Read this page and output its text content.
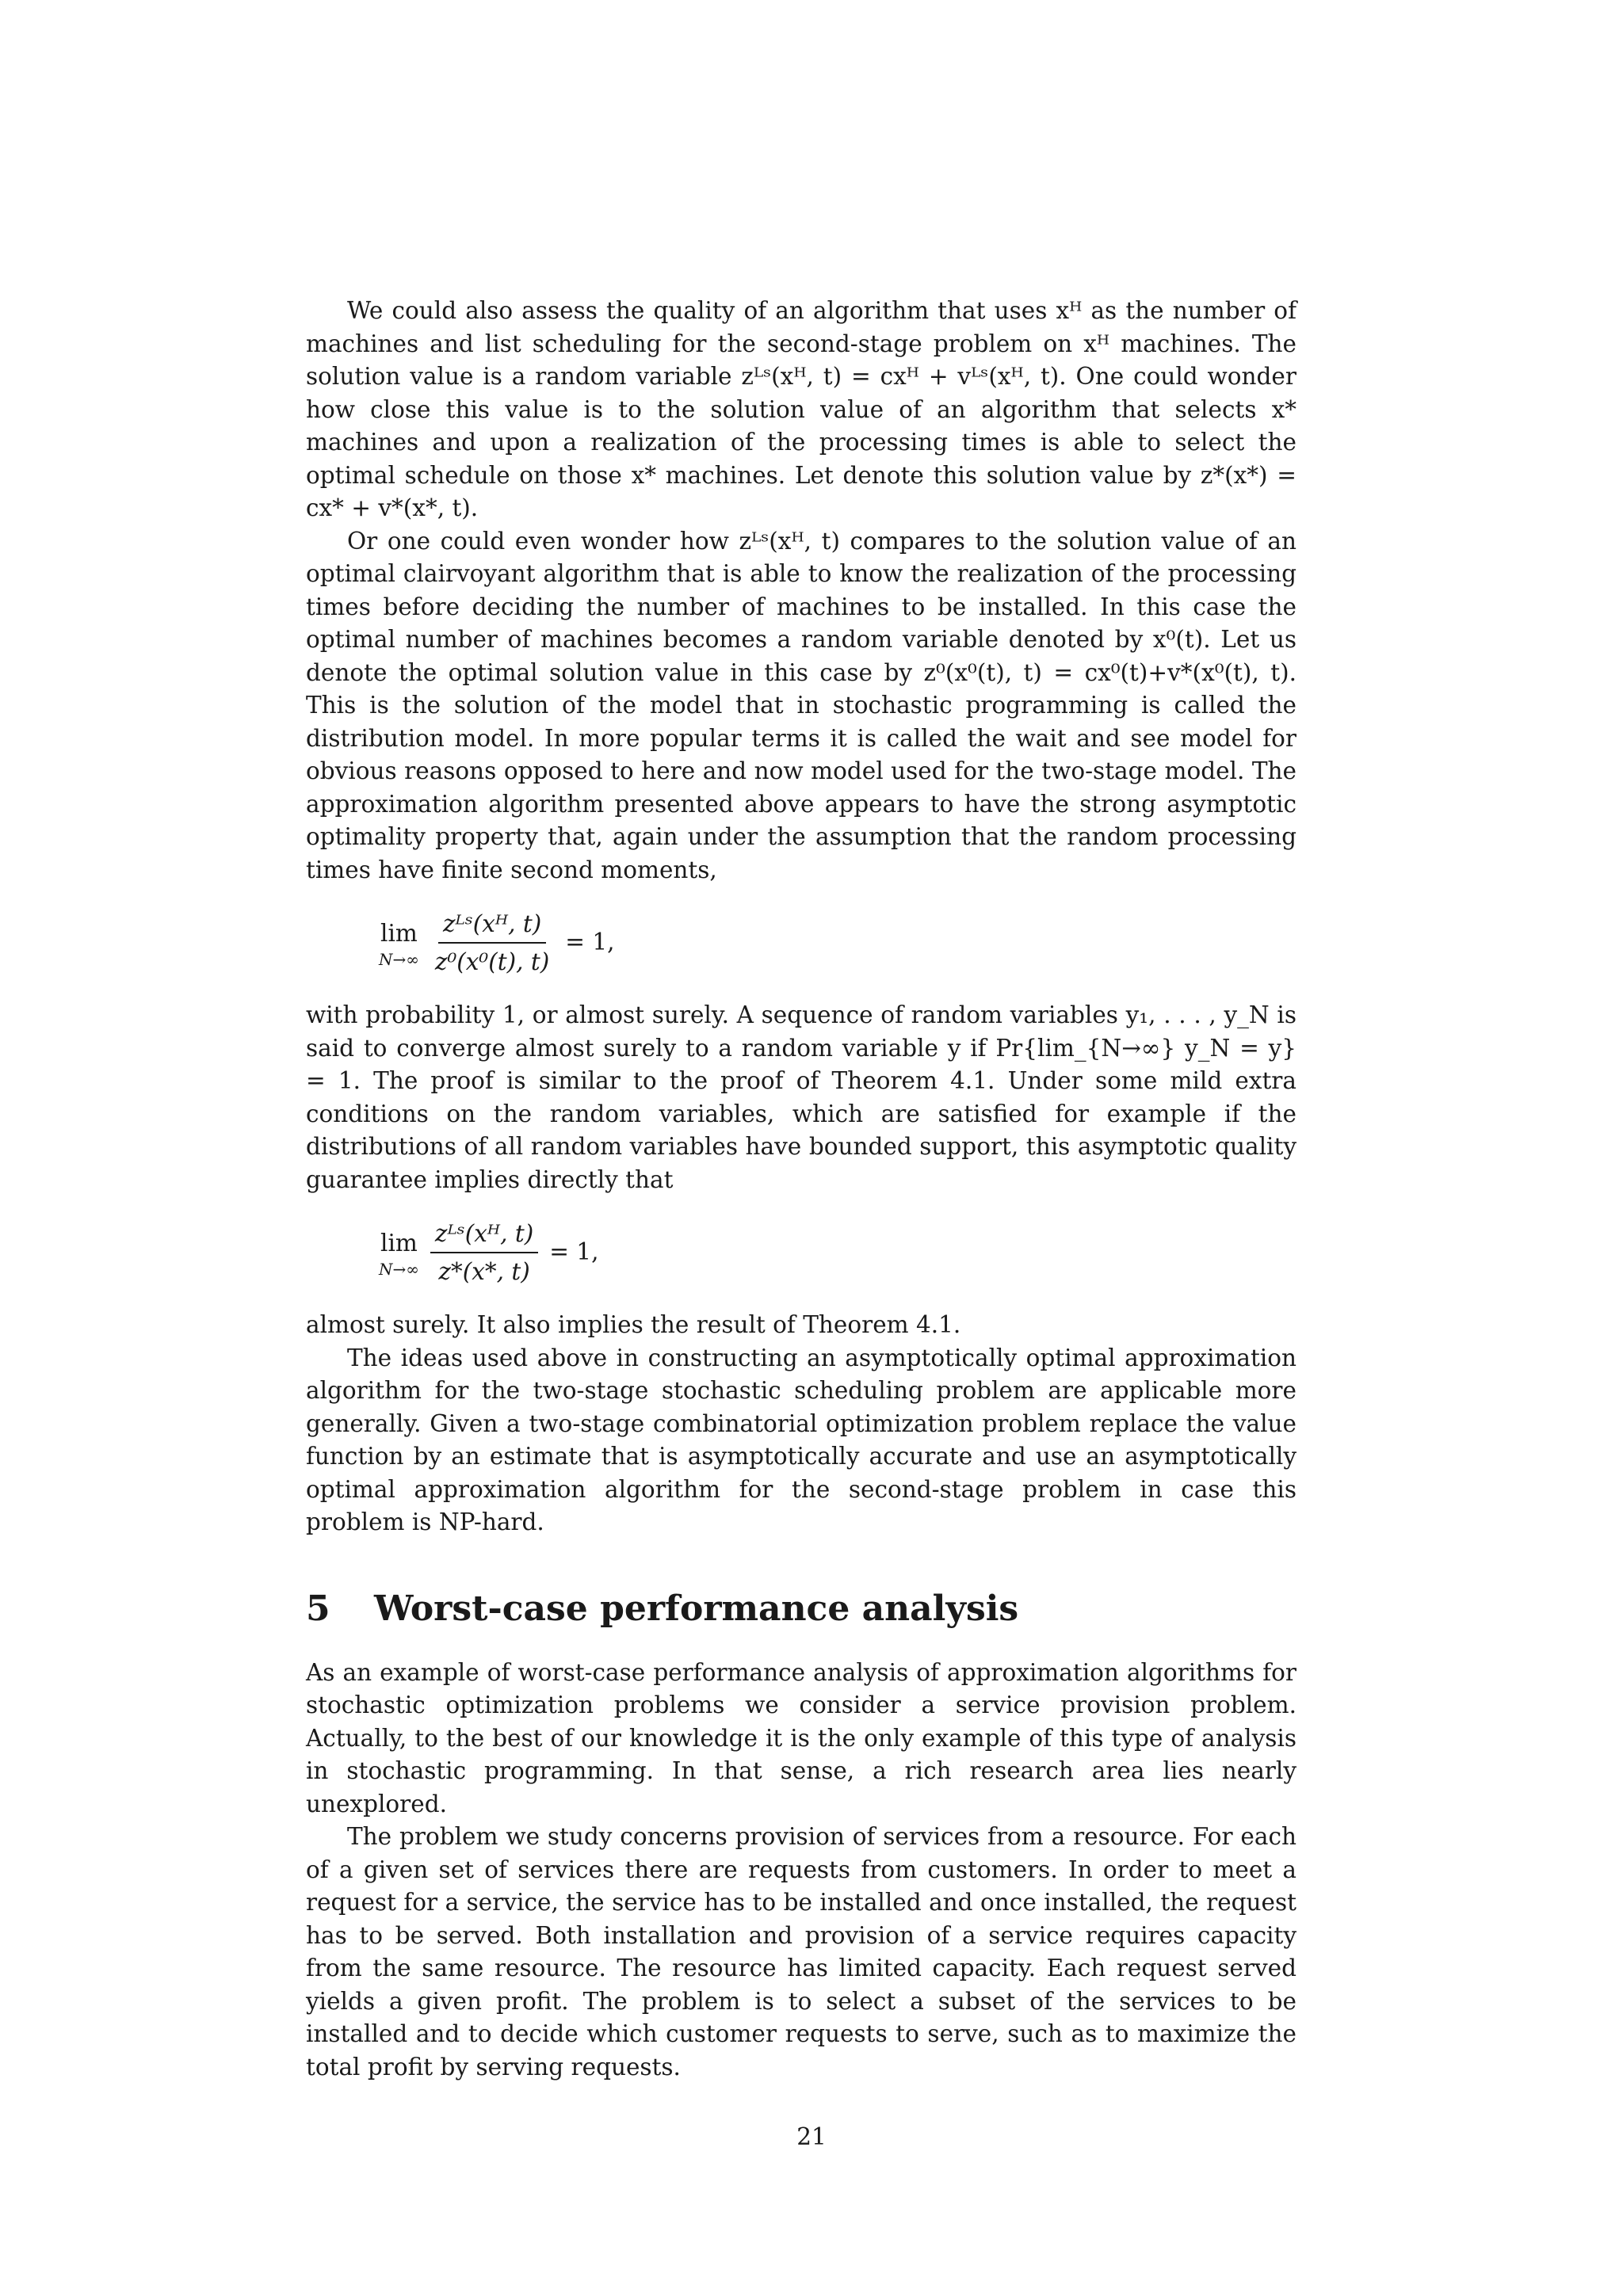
We could also assess the quality of an algorithm that uses xᴴ as the number of machines and list scheduling for the second-stage problem on xᴴ machines. The solution value is a random variable zᴸˢ(xᴴ, t) = cxᴴ + vᴸˢ(xᴴ, t). One could wonder how close this value is to the solution value of an algorithm that selects x* machines and upon a realization of the processing times is able to select the optimal schedule on those x* machines. Let denote this solution value by z*(x*) = cx* + v*(x*, t).

Or one could even wonder how zᴸˢ(xᴴ, t) compares to the solution value of an optimal clairvoyant algorithm that is able to know the realization of the processing times before deciding the number of machines to be installed. In this case the optimal number of machines becomes a random variable denoted by x⁰(t). Let us denote the optimal solution value in this case by z⁰(x⁰(t), t) = cx⁰(t)+v*(x⁰(t), t). This is the solution of the model that in stochastic programming is called the distribution model. In more popular terms it is called the wait and see model for obvious reasons opposed to here and now model used for the two-stage model. The approximation algorithm presented above appears to have the strong asymptotic optimality property that, again under the assumption that the random processing times have finite second moments,

lim
$N\to\infty \frac{\text{zᴸˢ(xᴴ, t)}}{\text{z⁰(x⁰(t), t)}} = 1$,

with probability 1, or almost surely. A sequence of random variables y₁, . . . , y_N is said to converge almost surely to a random variable y if Pr{lim_{N→∞} y_N = y} = 1. The proof is similar to the proof of Theorem 4.1. Under some mild extra conditions on the random variables, which are satisfied for example if the distributions of all random variables have bounded support, this asymptotic quality guarantee implies directly that

lim
$N\to\infty \frac{\text{zᴸˢ(xᴴ, t)}}{z*(x*, t)} = 1$,

almost surely. It also implies the result of Theorem 4.1.

The ideas used above in constructing an asymptotically optimal approximation algorithm for the two-stage stochastic scheduling problem are applicable more generally. Given a two-stage combinatorial optimization problem replace the value function by an estimate that is asymptotically accurate and use an asymptotically optimal approximation algorithm for the second-stage problem in case this problem is NP-hard.

5 Worst-case performance analysis

As an example of worst-case performance analysis of approximation algorithms for stochastic optimization problems we consider a service provision problem. Actually, to the best of our knowledge it is the only example of this type of analysis in stochastic programming. In that sense, a rich research area lies nearly unexplored.

The problem we study concerns provision of services from a resource. For each of a given set of services there are requests from customers. In order to meet a request for a service, the service has to be installed and once installed, the request has to be served. Both installation and provision of a service requires capacity from the same resource. The resource has limited capacity. Each request served yields a given profit. The problem is to select a subset of the services to be installed and to decide which customer requests to serve, such as to maximize the total profit by serving requests.

21
